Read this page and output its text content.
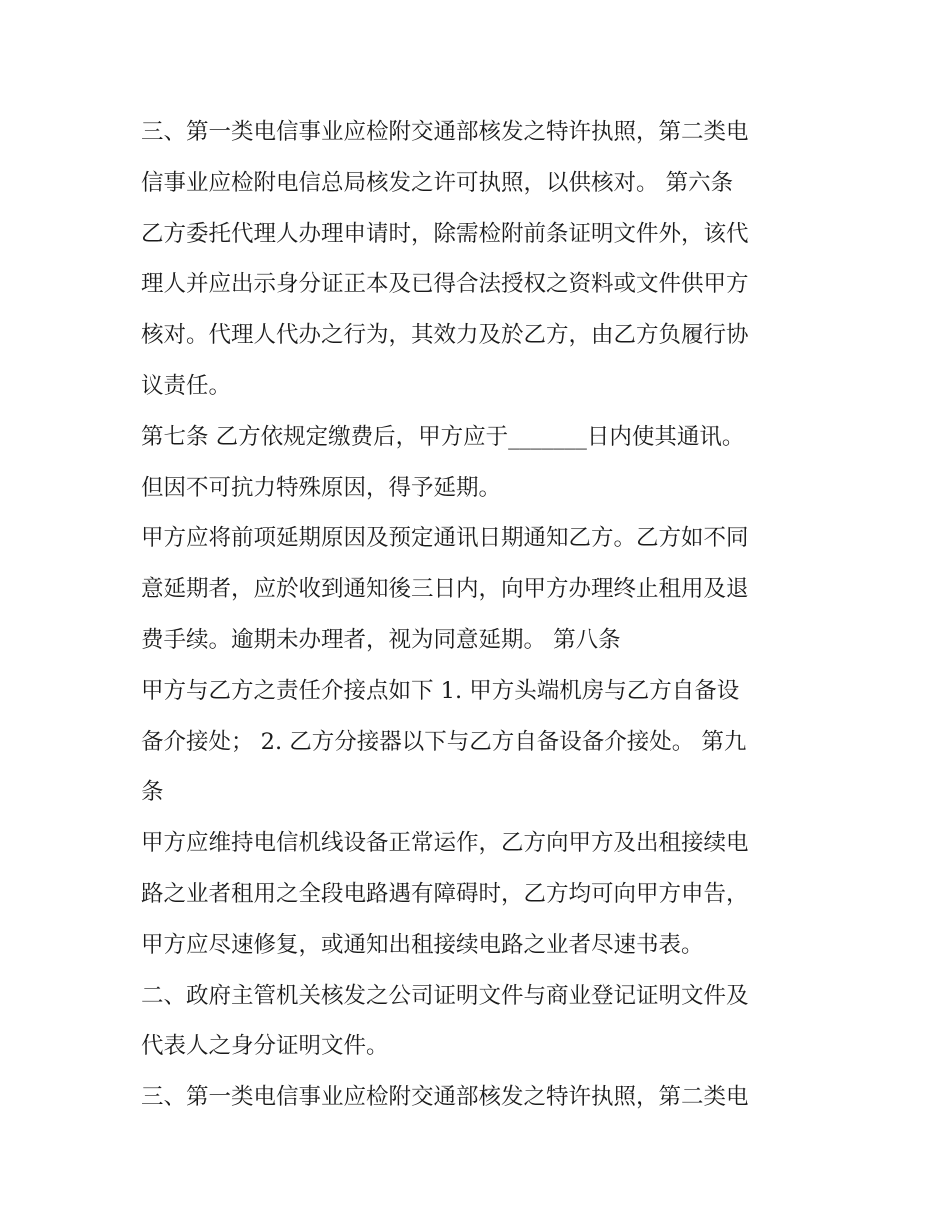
三、第一类电信事业应检附交通部核发之特许执照，第二类电
信事业应检附电信总局核发之许可执照，以供核对。 第六条
乙方委托代理人办理申请时，除需检附前条证明文件外，该代
理人并应出示身分证正本及已得合法授权之资料或文件供甲方
核对。代理人代办之行为，其效力及於乙方，由乙方负履行协
议责任。
第七条 乙方依规定缴费后，甲方应于_______日内使其通讯。
但因不可抗力特殊原因，得予延期。
甲方应将前项延期原因及预定通讯日期通知乙方。乙方如不同
意延期者，应於收到通知後三日内，向甲方办理终止租用及退
费手续。逾期未办理者，视为同意延期。 第八条
甲方与乙方之责任介接点如下 1. 甲方头端机房与乙方自备设
备介接处； 2. 乙方分接器以下与乙方自备设备介接处。 第九
条
甲方应维持电信机线设备正常运作，乙方向甲方及出租接续电
路之业者租用之全段电路遇有障碍时，乙方均可向甲方申告，
甲方应尽速修复，或通知出租接续电路之业者尽速书表。
二、政府主管机关核发之公司证明文件与商业登记证明文件及
代表人之身分证明文件。
三、第一类电信事业应检附交通部核发之特许执照，第二类电
